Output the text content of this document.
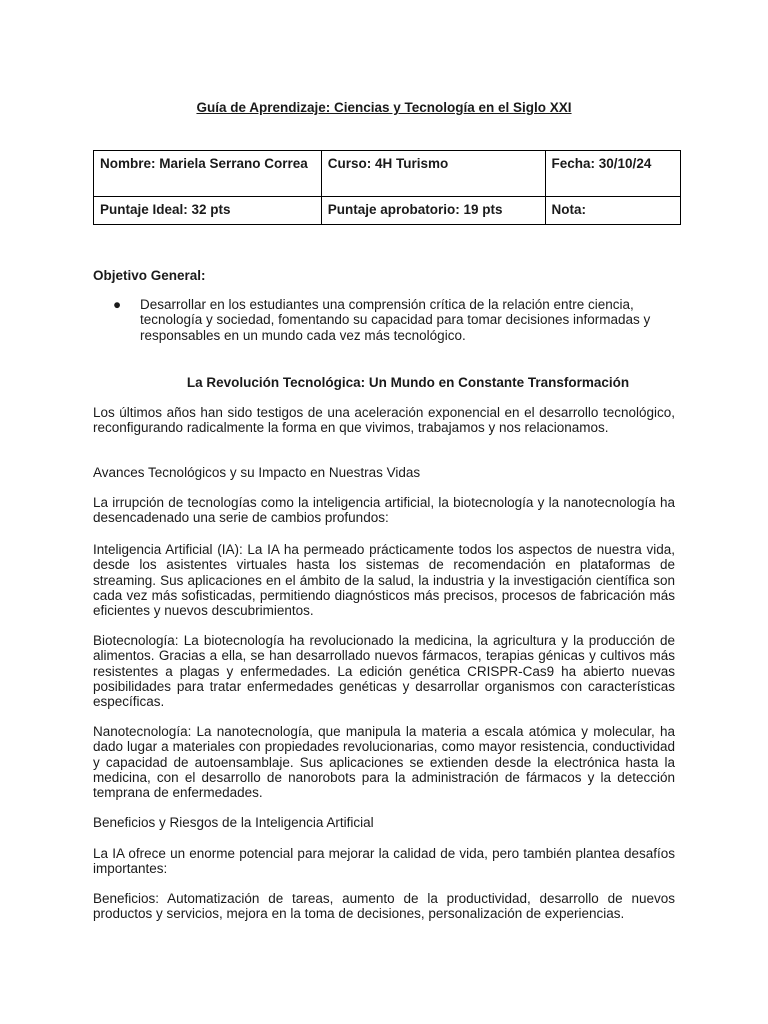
Guía de Aprendizaje: Ciencias y Tecnología en el Siglo XXI
Nombre: Mariela Serrano Correa	Curso: 4H Turismo	Fecha: 30/10/24
Puntaje Ideal: 32 pts	Puntaje aprobatorio: 19 pts	Nota:
Objetivo General:
●	Desarrollar en los estudiantes una comprensión crítica de la relación entre ciencia, tecnología y sociedad, fomentando su capacidad para tomar decisiones informadas y responsables en un mundo cada vez más tecnológico.
La Revolución Tecnológica: Un Mundo en Constante Transformación
Los últimos años han sido testigos de una aceleración exponencial en el desarrollo tecnológico, reconfigurando radicalmente la forma en que vivimos, trabajamos y nos relacionamos.
Avances Tecnológicos y su Impacto en Nuestras Vidas
La irrupción de tecnologías como la inteligencia artificial, la biotecnología y la nanotecnología ha desencadenado una serie de cambios profundos:
Inteligencia Artificial (IA): La IA ha permeado prácticamente todos los aspectos de nuestra vida, desde los asistentes virtuales hasta los sistemas de recomendación en plataformas de streaming. Sus aplicaciones en el ámbito de la salud, la industria y la investigación científica son cada vez más sofisticadas, permitiendo diagnósticos más precisos, procesos de fabricación más eficientes y nuevos descubrimientos.
Biotecnología: La biotecnología ha revolucionado la medicina, la agricultura y la producción de alimentos. Gracias a ella, se han desarrollado nuevos fármacos, terapias génicas y cultivos más resistentes a plagas y enfermedades. La edición genética CRISPR-Cas9 ha abierto nuevas posibilidades para tratar enfermedades genéticas y desarrollar organismos con características específicas.
Nanotecnología: La nanotecnología, que manipula la materia a escala atómica y molecular, ha dado lugar a materiales con propiedades revolucionarias, como mayor resistencia, conductividad y capacidad de autoensamblaje. Sus aplicaciones se extienden desde la electrónica hasta la medicina, con el desarrollo de nanorobots para la administración de fármacos y la detección temprana de enfermedades.
Beneficios y Riesgos de la Inteligencia Artificial
La IA ofrece un enorme potencial para mejorar la calidad de vida, pero también plantea desafíos importantes:
Beneficios: Automatización de tareas, aumento de la productividad, desarrollo de nuevos productos y servicios, mejora en la toma de decisiones, personalización de experiencias.
